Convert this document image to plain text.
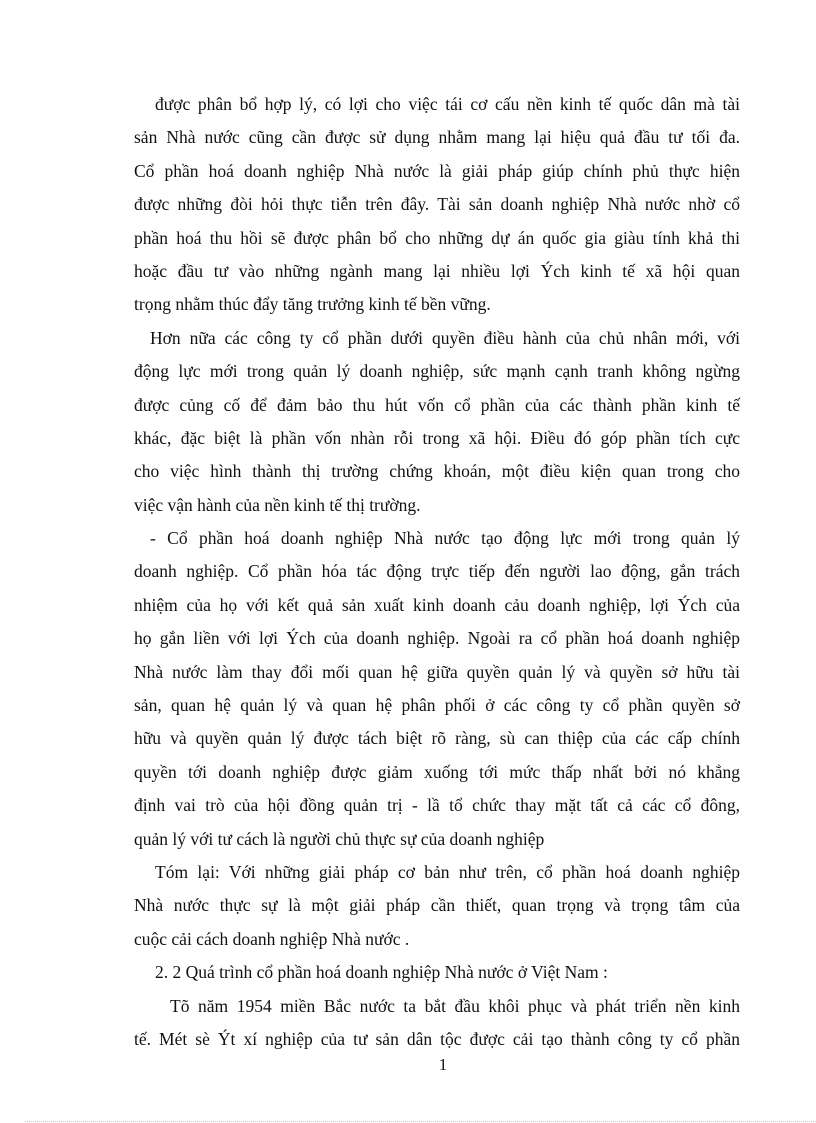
được phân bổ hợp lý, có lợi cho việc tái cơ cấu nền kinh tế quốc dân mà tài
sản Nhà nước cũng cần được sử dụng nhằm mang lại hiệu quả đầu tư tối đa.
Cổ phần hoá doanh nghiệp Nhà nước là giải pháp giúp chính phủ thực hiện
được những đòi hỏi thực tiễn trên đây. Tài sản doanh nghiệp Nhà nước nhờ cổ
phần hoá thu hồi sẽ được phân bổ cho những dự án quốc gia giàu tính khả thi
hoặc đầu tư vào những ngành mang lại nhiều lợi Ých kinh tế xã hội quan
trọng nhằm thúc đẩy tăng trưởng kinh tế bền vững.
Hơn nữa các công ty cổ phần dưới quyền điều hành của chủ nhân mới, với
động lực mới trong quản lý doanh nghiệp, sức mạnh cạnh tranh không ngừng
được củng cố để đảm bảo thu hút vốn cổ phần của các thành phần kinh tế
khác, đặc biệt là phần vốn nhàn rỗi trong xã hội. Điều đó góp phần tích cực
cho việc hình thành thị trường chứng khoán, một điều kiện quan trong cho
việc vận hành của nền kinh tế thị trường.
- Cổ phần hoá doanh nghiệp Nhà nước tạo động lực mới trong quản lý
doanh nghiệp. Cổ phần hóa tác động trực tiếp đến người lao động, gắn trách
nhiệm của họ với kết quả sản xuất kinh doanh cảu doanh nghiệp, lợi Ých của
họ gắn liền với lợi Ých của doanh nghiệp. Ngoài ra cổ phần hoá doanh nghiệp
Nhà nước làm thay đổi mối quan hệ giữa quyền quản lý và quyền sở hữu tài
sản, quan hệ quản lý và quan hệ phân phối ở các công ty cổ phần quyền sở
hữu và quyền quản lý được tách biệt rõ ràng, sù can thiệp của các cấp chính
quyền tới doanh nghiệp được giảm xuống tới mức thấp nhất bởi nó khẳng
định vai trò của hội đồng quản trị - lầ tổ chức thay mặt tất cả các cổ đông,
quản lý với tư cách là người chủ thực sự của doanh nghiệp
Tóm lại: Với những giải pháp cơ bản như trên, cổ phần hoá doanh nghiệp
Nhà nước thực sự là một giải pháp cần thiết, quan trọng và trọng tâm của
cuộc cải cách doanh nghiệp Nhà nước .
2. 2 Quá trình cổ phần hoá doanh nghiệp Nhà nước ở Việt Nam :
Tõ năm 1954 miền Bắc nước ta bắt đầu khôi phục và phát triển nền kinh
tế. Mét sè Ýt xí nghiệp của tư sản dân tộc được cải tạo thành công ty cổ phần
1
